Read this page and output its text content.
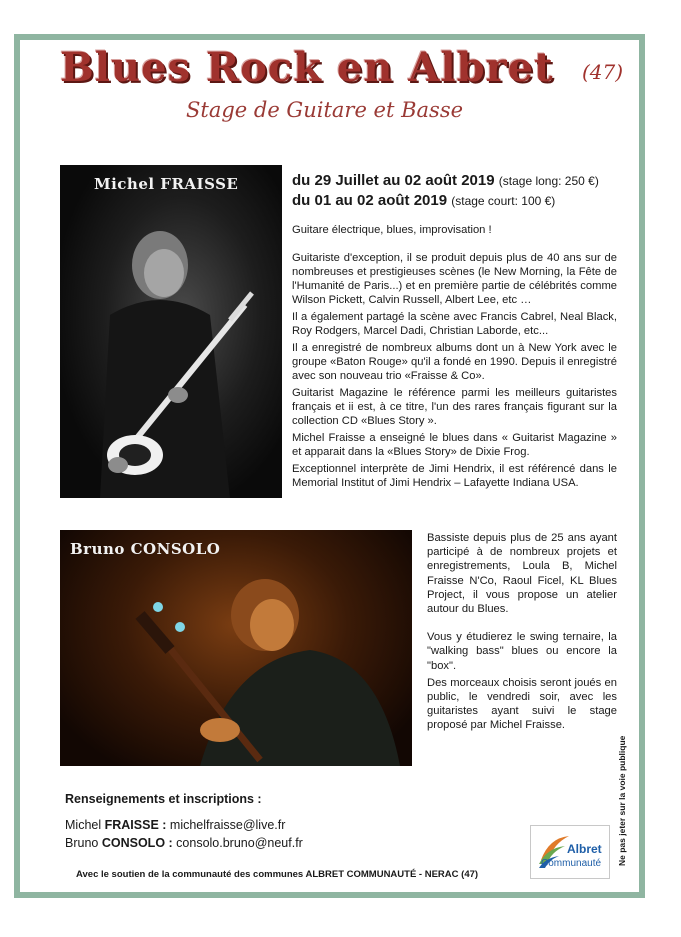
Blues Rock en Albret	(47)
Stage de Guitare et Basse
Michel FRAISSE	du 29 Juillet au 02 août 2019 (stage long: 250 €)
du 01 au 02 août 2019 (stage court: 100 €)

Guitare électrique, blues, improvisation !

Guitariste d'exception, il se produit depuis plus de 40 ans sur de nombreuses et prestigieuses scènes (le New Morning, la Fête de l'Humanité de Paris...) et en première partie de célébrités comme Wilson Pickett, Calvin Russell, Albert Lee, etc …

Il a également partagé la scène avec Francis Cabrel, Neal Black, Roy Rodgers, Marcel Dadi, Christian Laborde, etc...

Il a enregistré de nombreux albums dont un à New York avec le groupe «Baton Rouge» qu'il a fondé en 1990. Depuis il enregistré avec son nouveau trio «Fraisse & Co».

Guitarist Magazine le référence parmi les meilleurs guitaristes français et ii est, à ce titre, l'un des rares français figurant sur la collection CD «Blues Story ».

Michel Fraisse a enseigné le blues dans « Guitarist Magazine » et apparait dans la «Blues Story» de Dixie Frog.

Exceptionnel interprète de Jimi Hendrix, il est référencé dans le Memorial Institut of Jimi Hendrix – Lafayette Indiana USA.

Bruno CONSOLO

Bassiste depuis plus de 25 ans ayant participé à de nombreux projets et enregistrements, Loula B, Michel Fraisse N'Co, Raoul Ficel, KL Blues Project, il vous propose un atelier autour du Blues.

Vous y étudierez le swing ternaire, la "walking bass" blues ou encore la "box".

Des morceaux choisis seront joués en public, le vendredi soir, avec les guitaristes ayant suivi le stage proposé par Michel Fraisse.

Renseignements et inscriptions :
Michel FRAISSE : michelfraisse@live.fr
Bruno CONSOLO : consolo.bruno@neuf.fr
Avec le soutien de la communauté des communes ALBRET COMMUNAUTÉ - NERAC (47)
Albret
Communauté Ne pas jeter sur la voie publique
